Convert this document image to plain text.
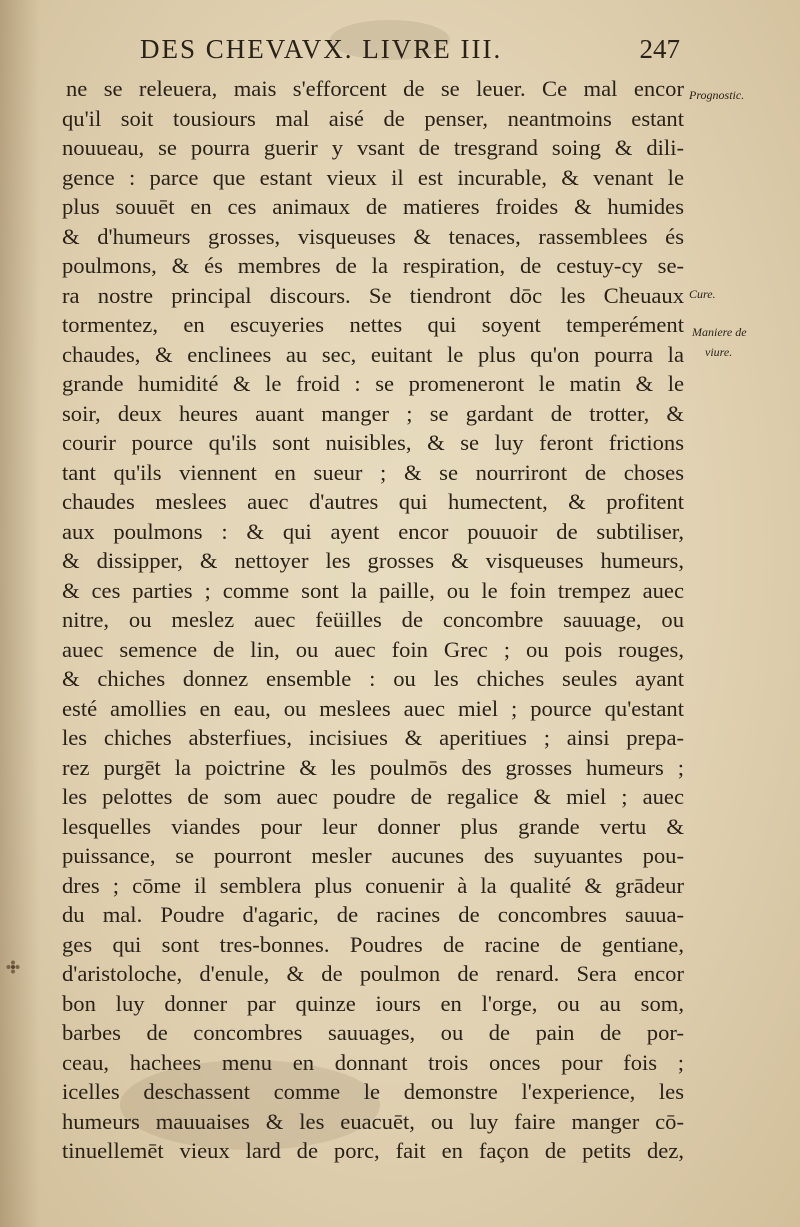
DES CHEVAVX. LIVRE III.	247
ne se releuera, mais s'efforcent de se leuer. Ce mal encor
qu'il soit tousiours mal aisé de penser, neantmoins estant
nouueau, se pourra guerir y vsant de tresgrand soing & dili-
gence : parce que estant vieux il est incurable, & venant le
plus souuēt en ces animaux de matieres froides & humides
& d'humeurs grosses, visqueuses & tenaces, rassemblees és
poulmons, & és membres de la respiration, de cestuy-cy se-
ra nostre principal discours. Se tiendront dōc les Cheuaux
tormentez, en escuyeries nettes qui soyent temperément
chaudes, & enclinees au sec, euitant le plus qu'on pourra la
grande humidité & le froid : se promeneront le matin & le
soir, deux heures auant manger ; se gardant de trotter, &
courir pource qu'ils sont nuisibles, & se luy feront frictions
tant qu'ils viennent en sueur ; & se nourriront de choses
chaudes meslees auec d'autres qui humectent, & profitent
aux poulmons : & qui ayent encor pouuoir de subtiliser,
& dissipper, & nettoyer les grosses & visqueuses humeurs,
& ces parties ; comme sont la paille, ou le foin trempez auec
nitre, ou meslez auec feüilles de concombre sauuage, ou
auec semence de lin, ou auec foin Grec ; ou pois rouges,
& chiches donnez ensemble : ou les chiches seules ayant
esté amollies en eau, ou meslees auec miel ; pource qu'estant
les chiches absterfiues, incisiues & aperitiues ; ainsi prepa-
rez purgēt la poictrine & les poulmōs des grosses humeurs ;
les pelottes de som auec poudre de regalice & miel ; auec
lesquelles viandes pour leur donner plus grande vertu &
puissance, se pourront mesler aucunes des suyuantes pou-
dres ; cōme il semblera plus conuenir à la qualité & grādeur
du mal. Poudre d'agaric, de racines de concombres sauua-
ges qui sont tres-bonnes. Poudres de racine de gentiane,
d'aristoloche, d'enule, & de poulmon de renard. Sera encor
bon luy donner par quinze iours en l'orge, ou au som,
barbes de concombres sauuages, ou de pain de por-
ceau, hachees menu en donnant trois onces pour fois ;
icelles deschassent comme le demonstre l'experience, les
humeurs mauuaises & les euacuēt, ou luy faire manger cō-
tinuellemēt vieux lard de porc, fait en façon de petits dez,
Prognostic.
Cure.
Maniere de
viure.
